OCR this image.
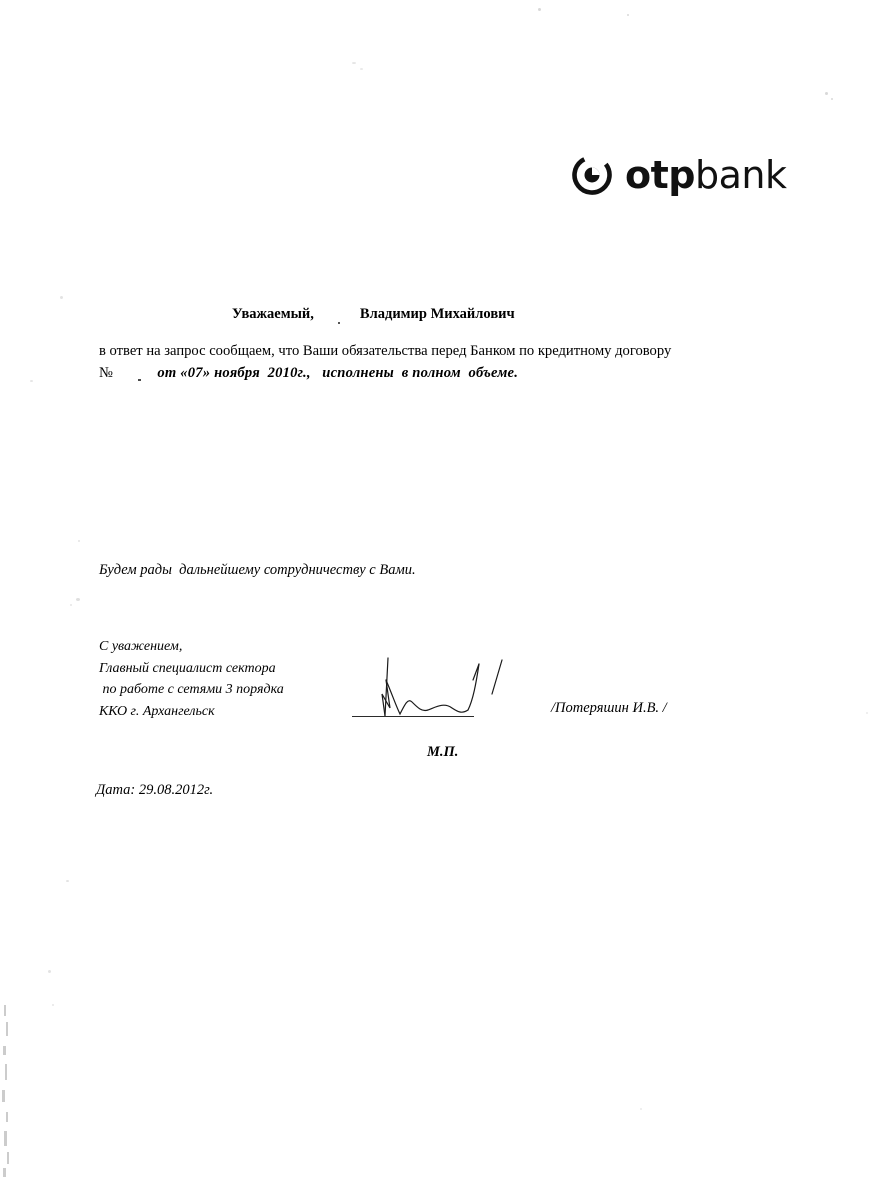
otpbank
Уважаемый,	Владимир Михайлович
в ответ на запрос сообщаем, что Ваши обязательства перед Банком по кредитному договору
№			от «07» ноября  2010г.,   исполнены  в полном  объеме.
Будем рады  дальнейшему сотрудничеству с Вами.
С уважением,
Главный специалист сектора
по работе с сетями 3 порядка
ККО г. Архангельск	/Потеряшин И.В. /
М.П.
Дата: 29.08.2012г.
